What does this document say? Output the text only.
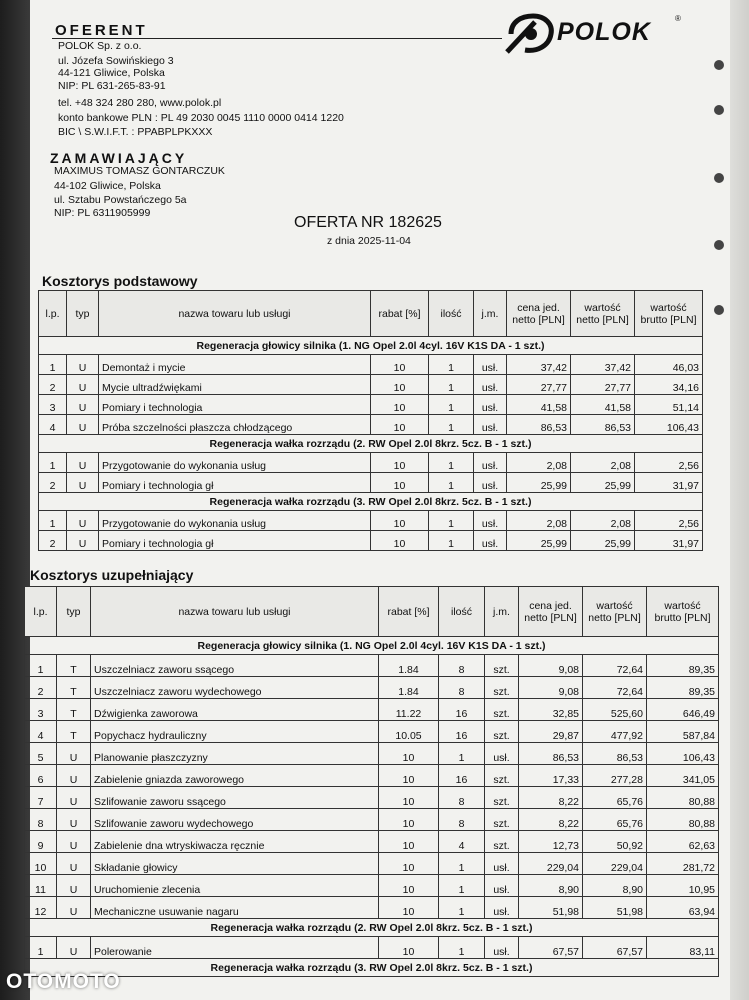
OFERENT
POLOK Sp. z o.o.
ul. Józefa Sowińskiego 3
44-121 Gliwice, Polska
NIP: PL 631-265-83-91
tel. +48 324 280 280, www.polok.pl
konto bankowe PLN : PL 49 2030 0045 1110 0000 0414 1220
BIC \ S.W.I.F.T. : PPABPLPKXXX
POLOK	®
ZAMAWIAJĄCY
MAXIMUS TOMASZ GONTARCZUK
44-102 Gliwice, Polska
ul. Sztabu Powstańczego 5a
NIP: PL 6311905999
OFERTA NR 182625
z dnia 2025-11-04
Kosztorys podstawowy
l.p.	typ	nazwa towaru lub usługi	rabat [%]	ilość	j.m.	cena jed. netto [PLN]	wartość netto [PLN]	wartość brutto [PLN]
Regeneracja głowicy silnika (1. NG Opel 2.0l 4cyl. 16V K1S DA - 1 szt.)								
1	U	Demontaż i mycie	10	1	usł.	37,42	37,42	46,03
2	U	Mycie ultradźwiękami	10	1	usł.	27,77	27,77	34,16
3	U	Pomiary i technologia	10	1	usł.	41,58	41,58	51,14
4	U	Próba szczelności płaszcza chłodzącego	10	1	usł.	86,53	86,53	106,43
Regeneracja wałka rozrządu (2. RW Opel 2.0l 8krz. 5cz. B - 1 szt.)								
1	U	Przygotowanie do wykonania usług	10	1	usł.	2,08	2,08	2,56
2	U	Pomiary i technologia gł	10	1	usł.	25,99	25,99	31,97
Regeneracja wałka rozrządu (3. RW Opel 2.0l 8krz. 5cz. B - 1 szt.)								
1	U	Przygotowanie do wykonania usług	10	1	usł.	2,08	2,08	2,56
2	U	Pomiary i technologia gł	10	1	usł.	25,99	25,99	31,97
Kosztorys uzupełniający
l.p.	typ	nazwa towaru lub usługi	rabat [%]	ilość	j.m.	cena jed. netto [PLN]	wartość netto [PLN]	wartość brutto [PLN]
Regeneracja głowicy silnika (1. NG Opel 2.0l 4cyl. 16V K1S DA - 1 szt.)								
1	T	Uszczelniacz zaworu ssącego	1.84	8	szt.	9,08	72,64	89,35
2	T	Uszczelniacz zaworu wydechowego	1.84	8	szt.	9,08	72,64	89,35
3	T	Dźwigienka zaworowa	11.22	16	szt.	32,85	525,60	646,49
4	T	Popychacz hydrauliczny	10.05	16	szt.	29,87	477,92	587,84
5	U	Planowanie płaszczyzny	10	1	usł.	86,53	86,53	106,43
6	U	Zabielenie gniazda zaworowego	10	16	szt.	17,33	277,28	341,05
7	U	Szlifowanie zaworu ssącego	10	8	szt.	8,22	65,76	80,88
8	U	Szlifowanie zaworu wydechowego	10	8	szt.	8,22	65,76	80,88
9	U	Zabielenie dna wtryskiwacza ręcznie	10	4	szt.	12,73	50,92	62,63
10	U	Składanie głowicy	10	1	usł.	229,04	229,04	281,72
11	U	Uruchomienie zlecenia	10	1	usł.	8,90	8,90	10,95
12	U	Mechaniczne usuwanie nagaru	10	1	usł.	51,98	51,98	63,94
Regeneracja wałka rozrządu (2. RW Opel 2.0l 8krz. 5cz. B - 1 szt.)								
1	U	Polerowanie	10	1	usł.	67,57	67,57	83,11
Regeneracja wałka rozrządu (3. RW Opel 2.0l 8krz. 5cz. B - 1 szt.)								
OTOMOTO
